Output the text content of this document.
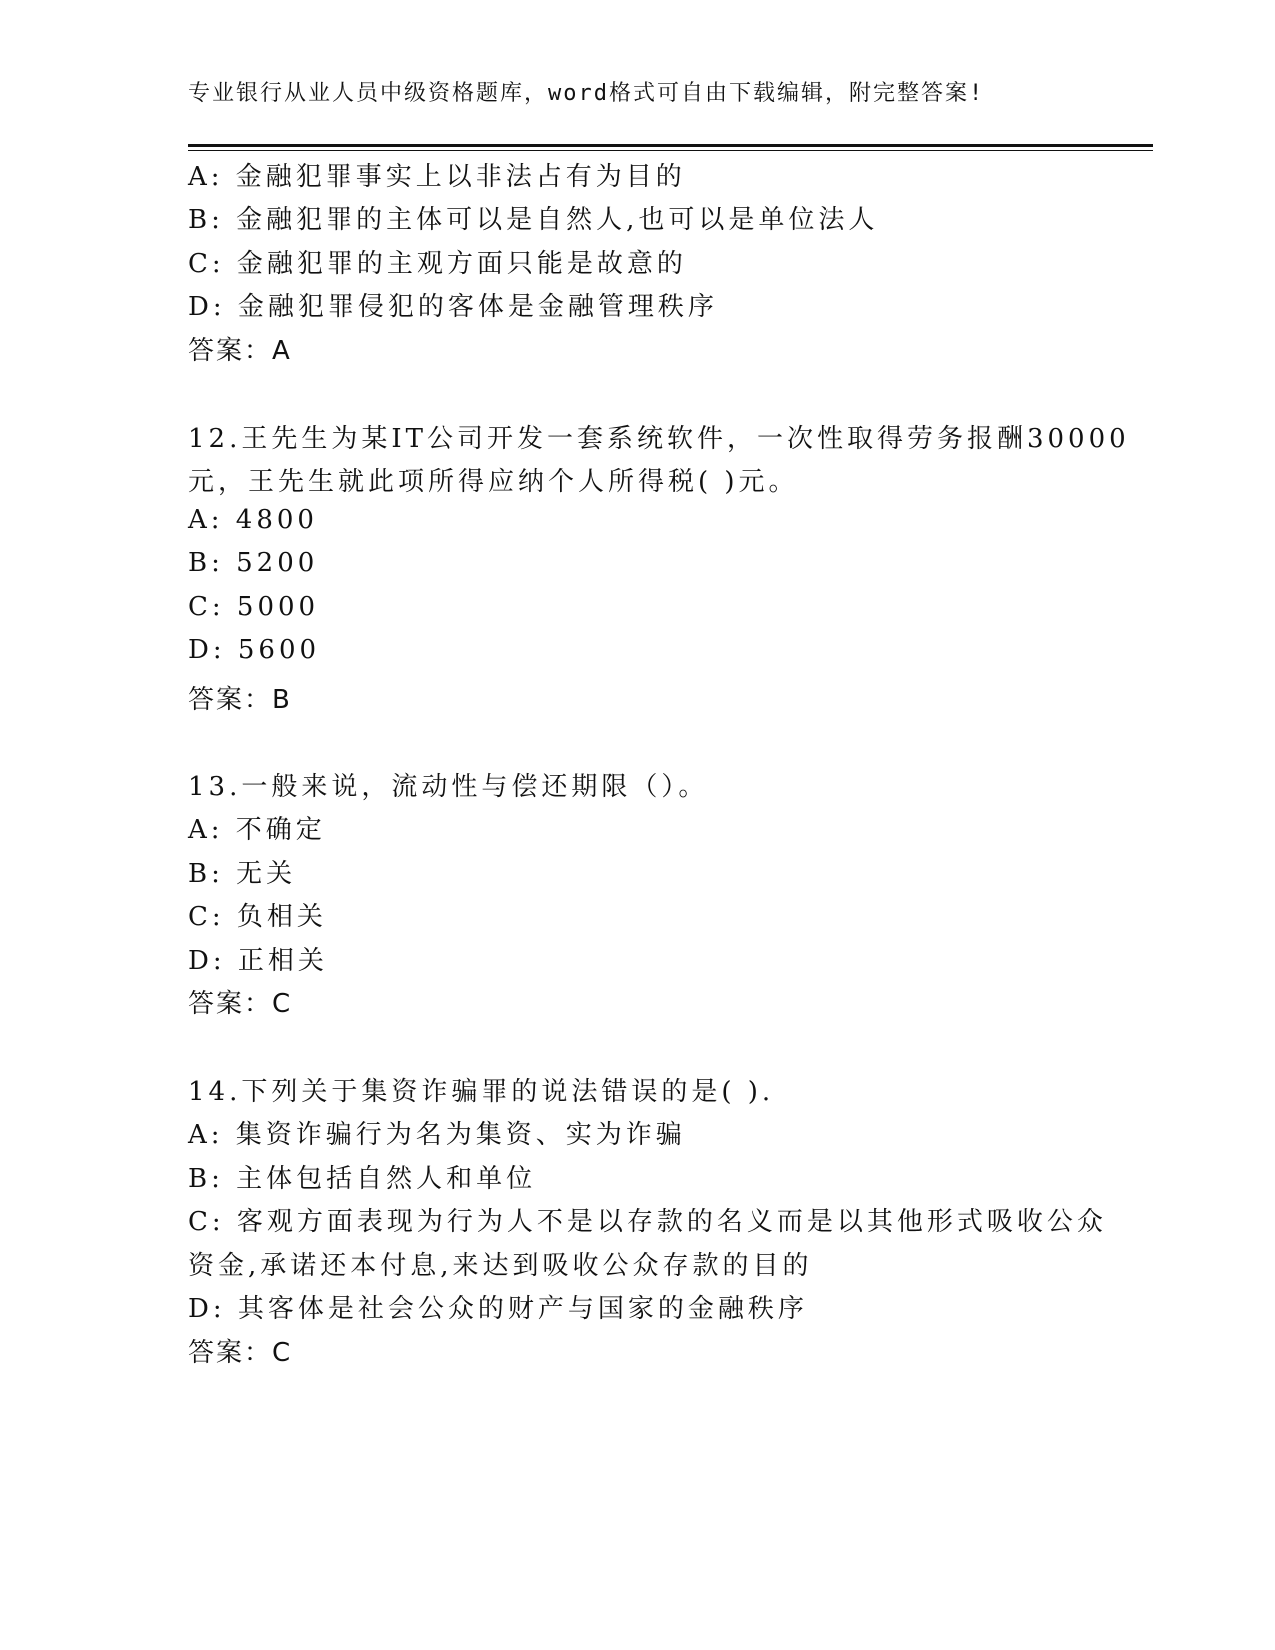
专业银行从业人员中级资格题库，word格式可自由下载编辑，附完整答案!
A: 金融犯罪事实上以非法占有为目的
B: 金融犯罪的主体可以是自然人,也可以是单位法人
C: 金融犯罪的主观方面只能是故意的
D: 金融犯罪侵犯的客体是金融管理秩序
答案：A
12.王先生为某IT公司开发一套系统软件，一次性取得劳务报酬30000
元，王先生就此项所得应纳个人所得税( )元。
A: 4800
B: 5200
C: 5000
D: 5600
答案：B
13.一般来说，流动性与偿还期限（）。
A: 不确定
B: 无关
C: 负相关
D: 正相关
答案：C
14.下列关于集资诈骗罪的说法错误的是( ).
A: 集资诈骗行为名为集资、实为诈骗
B: 主体包括自然人和单位
C: 客观方面表现为行为人不是以存款的名义而是以其他形式吸收公众
资金,承诺还本付息,来达到吸收公众存款的目的
D: 其客体是社会公众的财产与国家的金融秩序
答案：C
